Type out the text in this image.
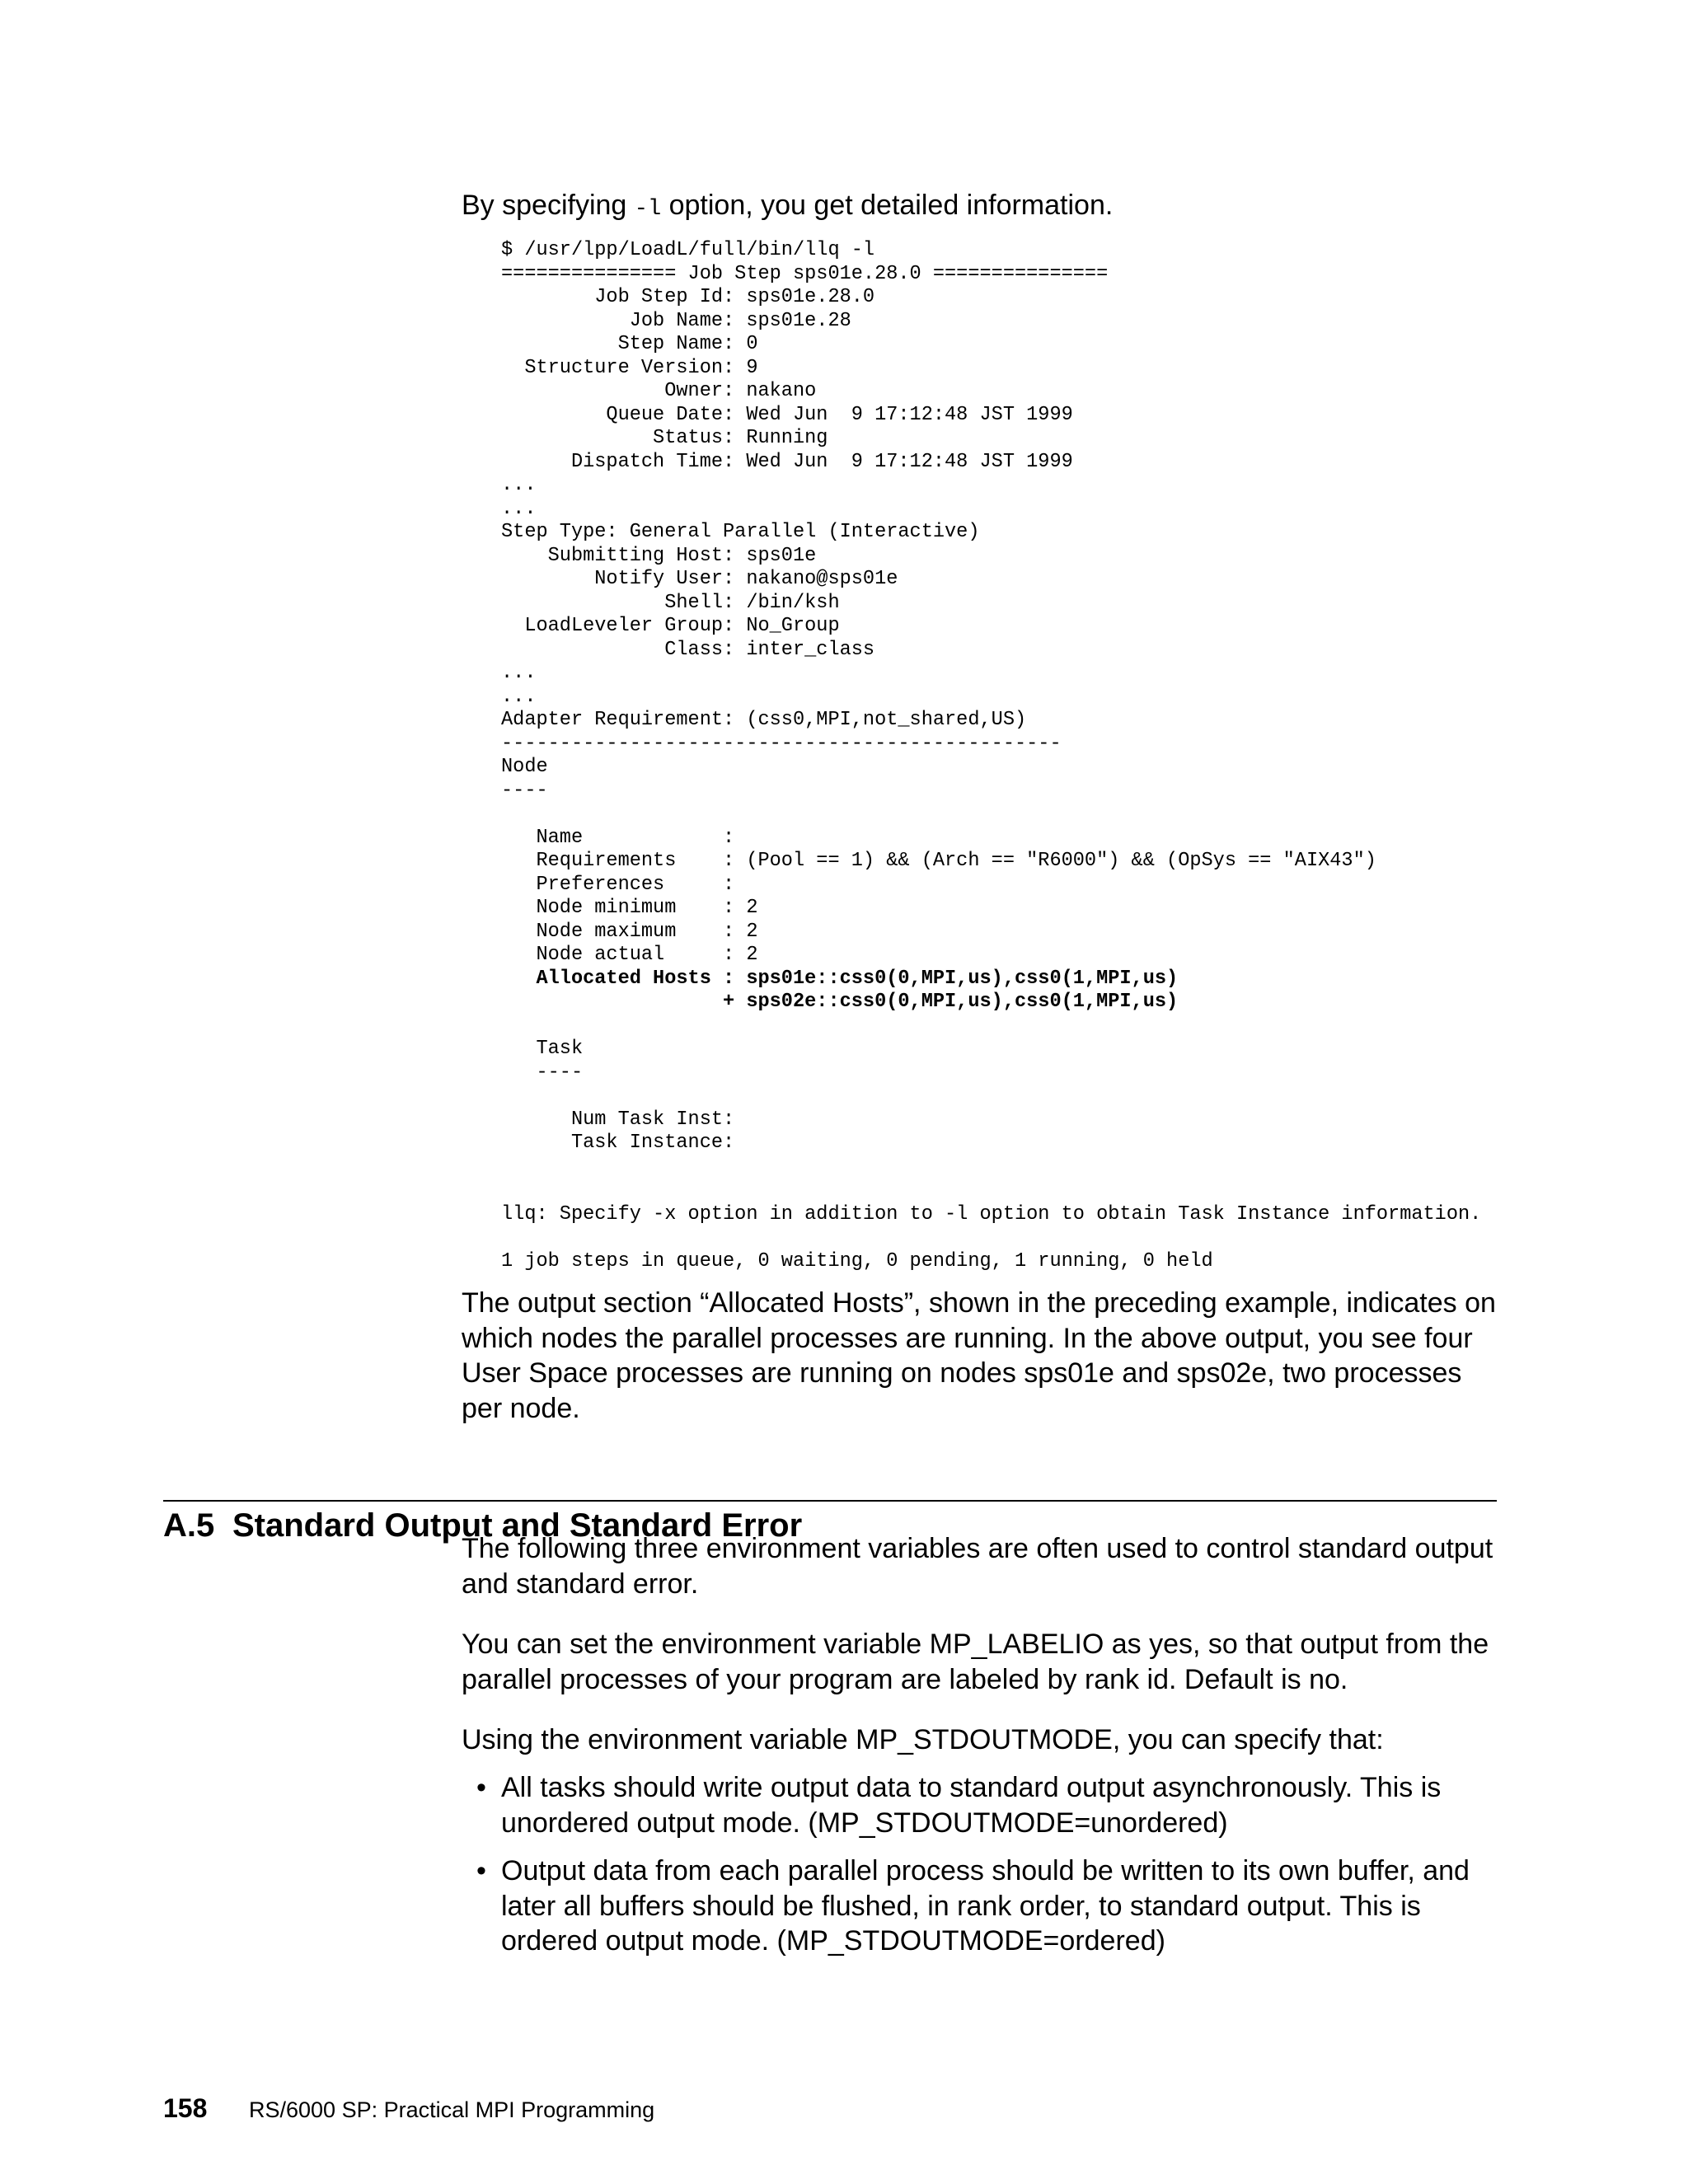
By specifying -l option, you get detailed information.
$ /usr/lpp/LoadL/full/bin/llq -l
=============== Job Step sps01e.28.0 ===============
Job Step Id: sps01e.28.0
Job Name: sps01e.28
Step Name: 0
Structure Version: 9
Owner: nakano
Queue Date: Wed Jun  9 17:12:48 JST 1999
Status: Running
Dispatch Time: Wed Jun  9 17:12:48 JST 1999
...
...
Step Type: General Parallel (Interactive)
Submitting Host: sps01e
Notify User: nakano@sps01e
Shell: /bin/ksh
LoadLeveler Group: No_Group
Class: inter_class
...
...
Adapter Requirement: (css0,MPI,not_shared,US)
------------------------------------------------
Node
----
Name            :
Requirements    : (Pool == 1) && (Arch == "R6000") && (OpSys == "AIX43")
Preferences     :
Node minimum    : 2
Node maximum    : 2
Node actual     : 2
Allocated Hosts : sps01e::css0(0,MPI,us),css0(1,MPI,us)
+ sps02e::css0(0,MPI,us),css0(1,MPI,us)
Task
----
Num Task Inst:
Task Instance:
llq: Specify -x option in addition to -l option to obtain Task Instance information.
1 job steps in queue, 0 waiting, 0 pending, 1 running, 0 held

The output section “Allocated Hosts”, shown in the preceding example, indicates on which nodes the parallel processes are running. In the above output, you see four User Space processes are running on nodes sps01e and sps02e, two processes per node.

A.5 Standard Output and Standard Error

The following three environment variables are often used to control standard output and standard error.

You can set the environment variable MP_LABELIO as yes, so that output from the parallel processes of your program are labeled by rank id. Default is no.

Using the environment variable MP_STDOUTMODE, you can specify that:

• All tasks should write output data to standard output asynchronously. This is unordered output mode. (MP_STDOUTMODE=unordered)
• Output data from each parallel process should be written to its own buffer, and later all buffers should be flushed, in rank order, to standard output. This is ordered output mode. (MP_STDOUTMODE=ordered)
158 RS/6000 SP: Practical MPI Programming
